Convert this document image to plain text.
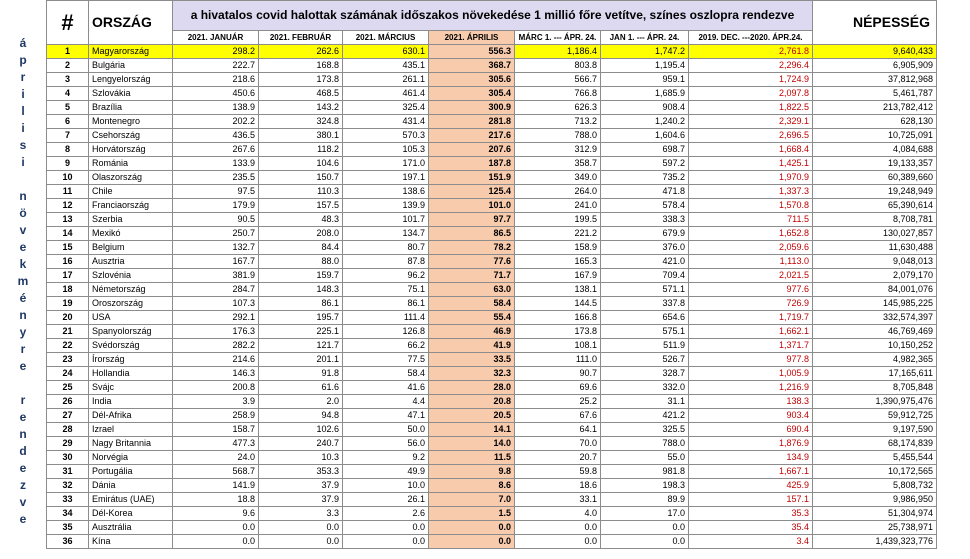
á
p
r
i
l
i
s
i
n
ö
v
e
k
m
é
n
y
r
e
r
e
n
d
e
z
v
e
#	ORSZÁG	a hivatalos covid halottak számának időszakos növekedése 1 millió főre vetítve, színes oszlopra rendezve							NÉPESSÉG
		2021. JANUÁR	2021. FEBRUÁR	2021. MÁRCIUS	2021. ÁPRILIS	MÁRC 1. --- ÁPR. 24.	JAN 1. --- ÁPR. 24.	2019. DEC. ---2020. ÁPR.24.	
1	Magyarország	298.2	262.6	630.1	556.3	1,186.4	1,747.2	2,761.8	9,640,433
2	Bulgária	222.7	168.8	435.1	368.7	803.8	1,195.4	2,296.4	6,905,909
3	Lengyelország	218.6	173.8	261.1	305.6	566.7	959.1	1,724.9	37,812,968
4	Szlovákia	450.6	468.5	461.4	305.4	766.8	1,685.9	2,097.8	5,461,787
5	Brazília	138.9	143.2	325.4	300.9	626.3	908.4	1,822.5	213,782,412
6	Montenegro	202.2	324.8	431.4	281.8	713.2	1,240.2	2,329.1	628,130
7	Csehország	436.5	380.1	570.3	217.6	788.0	1,604.6	2,696.5	10,725,091
8	Horvátország	267.6	118.2	105.3	207.6	312.9	698.7	1,668.4	4,084,688
9	Románia	133.9	104.6	171.0	187.8	358.7	597.2	1,425.1	19,133,357
10	Olaszország	235.5	150.7	197.1	151.9	349.0	735.2	1,970.9	60,389,660
11	Chile	97.5	110.3	138.6	125.4	264.0	471.8	1,337.3	19,248,949
12	Franciaország	179.9	157.5	139.9	101.0	241.0	578.4	1,570.8	65,390,614
13	Szerbia	90.5	48.3	101.7	97.7	199.5	338.3	711.5	8,708,781
14	Mexikó	250.7	208.0	134.7	86.5	221.2	679.9	1,652.8	130,027,857
15	Belgium	132.7	84.4	80.7	78.2	158.9	376.0	2,059.6	11,630,488
16	Ausztria	167.7	88.0	87.8	77.6	165.3	421.0	1,113.0	9,048,013
17	Szlovénia	381.9	159.7	96.2	71.7	167.9	709.4	2,021.5	2,079,170
18	Németország	284.7	148.3	75.1	63.0	138.1	571.1	977.6	84,001,076
19	Oroszország	107.3	86.1	86.1	58.4	144.5	337.8	726.9	145,985,225
20	USA	292.1	195.7	111.4	55.4	166.8	654.6	1,719.7	332,574,397
21	Spanyolország	176.3	225.1	126.8	46.9	173.8	575.1	1,662.1	46,769,469
22	Svédország	282.2	121.7	66.2	41.9	108.1	511.9	1,371.7	10,150,252
23	Írország	214.6	201.1	77.5	33.5	111.0	526.7	977.8	4,982,365
24	Hollandia	146.3	91.8	58.4	32.3	90.7	328.7	1,005.9	17,165,611
25	Svájc	200.8	61.6	41.6	28.0	69.6	332.0	1,216.9	8,705,848
26	India	3.9	2.0	4.4	20.8	25.2	31.1	138.3	1,390,975,476
27	Dél-Afrika	258.9	94.8	47.1	20.5	67.6	421.2	903.4	59,912,725
28	Izrael	158.7	102.6	50.0	14.1	64.1	325.5	690.4	9,197,590
29	Nagy Britannia	477.3	240.7	56.0	14.0	70.0	788.0	1,876.9	68,174,839
30	Norvégia	24.0	10.3	9.2	11.5	20.7	55.0	134.9	5,455,544
31	Portugália	568.7	353.3	49.9	9.8	59.8	981.8	1,667.1	10,172,565
32	Dánia	141.9	37.9	10.0	8.6	18.6	198.3	425.9	5,808,732
33	Emirátus (UAE)	18.8	37.9	26.1	7.0	33.1	89.9	157.1	9,986,950
34	Dél-Korea	9.6	3.3	2.6	1.5	4.0	17.0	35.3	51,304,974
35	Ausztrália	0.0	0.0	0.0	0.0	0.0	0.0	35.4	25,738,971
36	Kína	0.0	0.0	0.0	0.0	0.0	0.0	3.4	1,439,323,776
